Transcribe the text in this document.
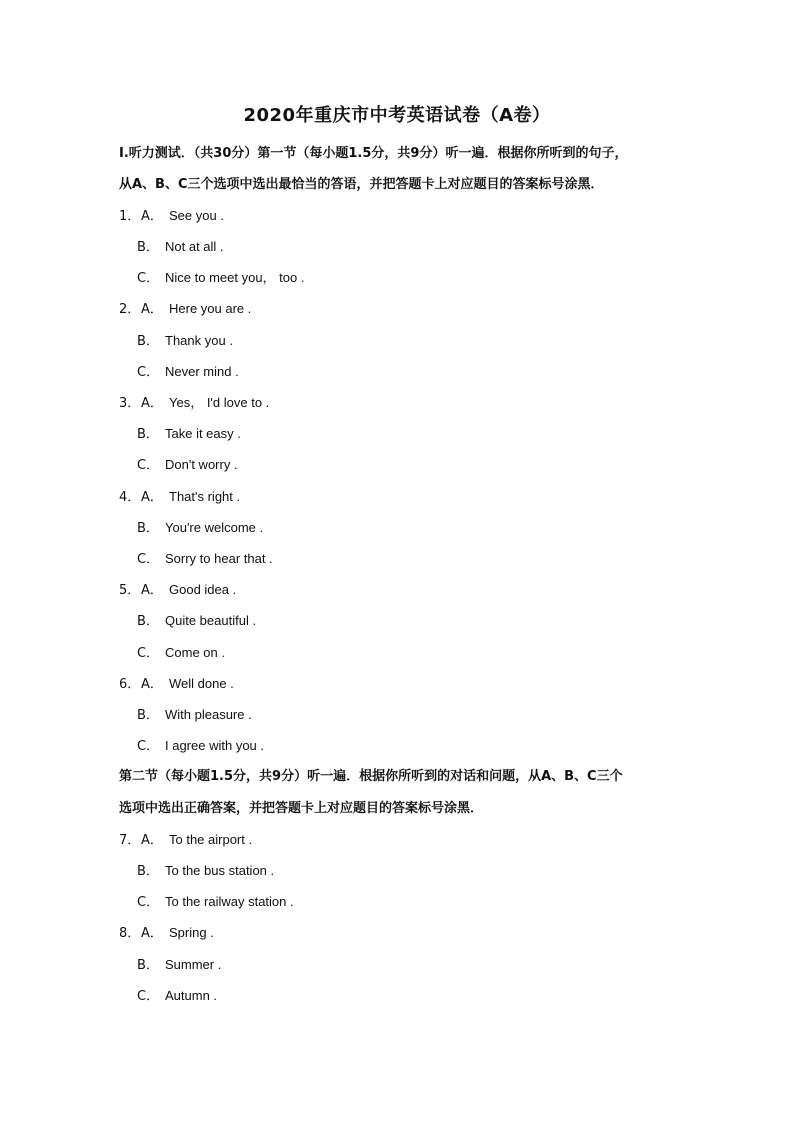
2020年重庆市中考英语试卷（A卷）
I.听力测试．（共30分）第一节（每小题1.5分，共9分）听一遍．根据你所听到的句子，
从A、B、C三个选项中选出最恰当的答语，并把答题卡上对应题目的答案标号涂黑．
1．A． See you .
B． Not at all .
C． Nice to meet you， too .
2．A． Here you are .
B． Thank you .
C． Never mind .
3．A． Yes， I'd love to .
B． Take it easy .
C． Don't worry .
4．A． That's right .
B． You're welcome .
C． Sorry to hear that .
5．A． Good idea .
B． Quite beautiful .
C． Come on .
6．A． Well done .
B． With pleasure .
C． I agree with you .
第二节（每小题1.5分，共9分）听一遍．根据你所听到的对话和问题，从A、B、C三个
选项中选出正确答案，并把答题卡上对应题目的答案标号涂黑．
7．A． To the airport .
B． To the bus station .
C． To the railway station .
8．A． Spring .
B． Summer .
C． Autumn .
